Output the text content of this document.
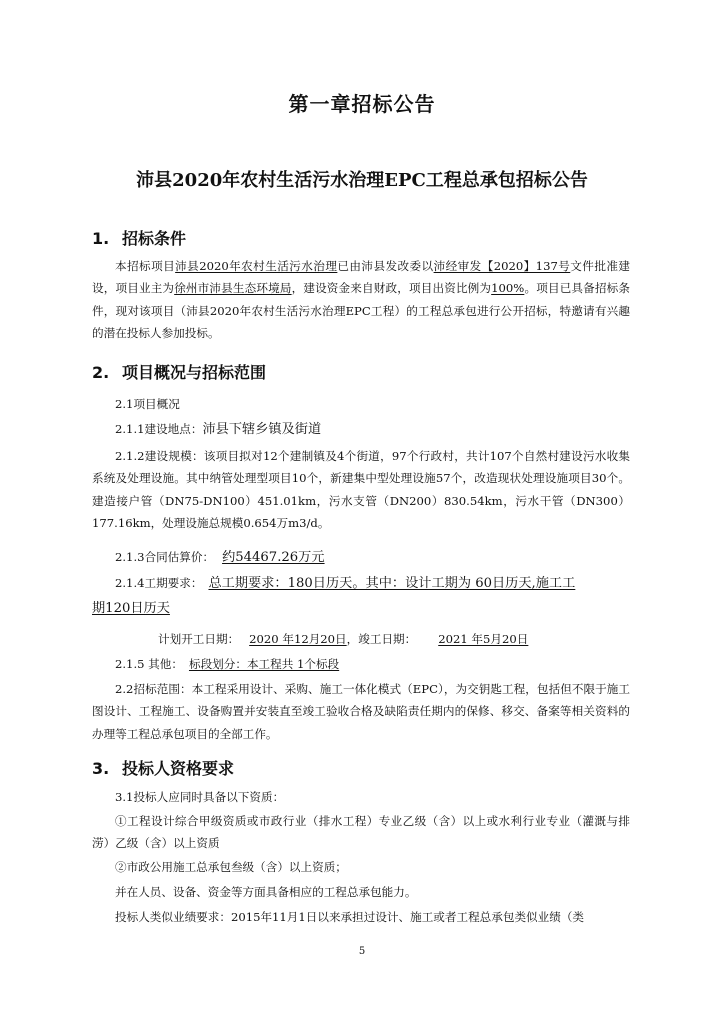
第一章招标公告
沛县2020年农村生活污水治理EPC工程总承包招标公告
1. 招标条件
本招标项目沛县2020年农村生活污水治理已由沛县发改委以沛经审发【2020】137号文件批准建设，项目业主为徐州市沛县生态环境局，建设资金来自财政，项目出资比例为100%。项目已具备招标条件，现对该项目（沛县2020年农村生活污水治理EPC工程）的工程总承包进行公开招标，特邀请有兴趣的潜在投标人参加投标。
2. 项目概况与招标范围
2.1项目概况
2.1.1建设地点：沛县下辖乡镇及街道
2.1.2建设规模：该项目拟对12个建制镇及4个街道，97个行政村，共计107个自然村建设污水收集系统及处理设施。其中纳管处理型项目10个，新建集中型处理设施57个，改造现状处理设施项目30个。建造接户管（DN75-DN100）451.01km，污水支管（DN200）830.54km，污水干管（DN300）177.16km，处理设施总规模0.654万m3/d。
2.1.3合同估算价： 约54467.26万元
2.1.4工期要求： 总工期要求：180日历天。其中：设计工期为 60日历天,施工工
期120日历天
计划开工日期： 2020 年12月20日，竣工日期： 2021 年5月20日
2.1.5 其他： 标段划分：本工程共 1个标段
2.2招标范围：本工程采用设计、采购、施工一体化模式（EPC），为交钥匙工程，包括但不限于施工图设计、工程施工、设备购置并安装直至竣工验收合格及缺陷责任期内的保修、移交、备案等相关资料的办理等工程总承包项目的全部工作。
3. 投标人资格要求
3.1投标人应同时具备以下资质：
①工程设计综合甲级资质或市政行业（排水工程）专业乙级（含）以上或水利行业专业（灌溉与排涝）乙级（含）以上资质
②市政公用施工总承包叁级（含）以上资质；
并在人员、设备、资金等方面具备相应的工程总承包能力。
投标人类似业绩要求：2015年11月1日以来承担过设计、施工或者工程总承包类似业绩（类
5
